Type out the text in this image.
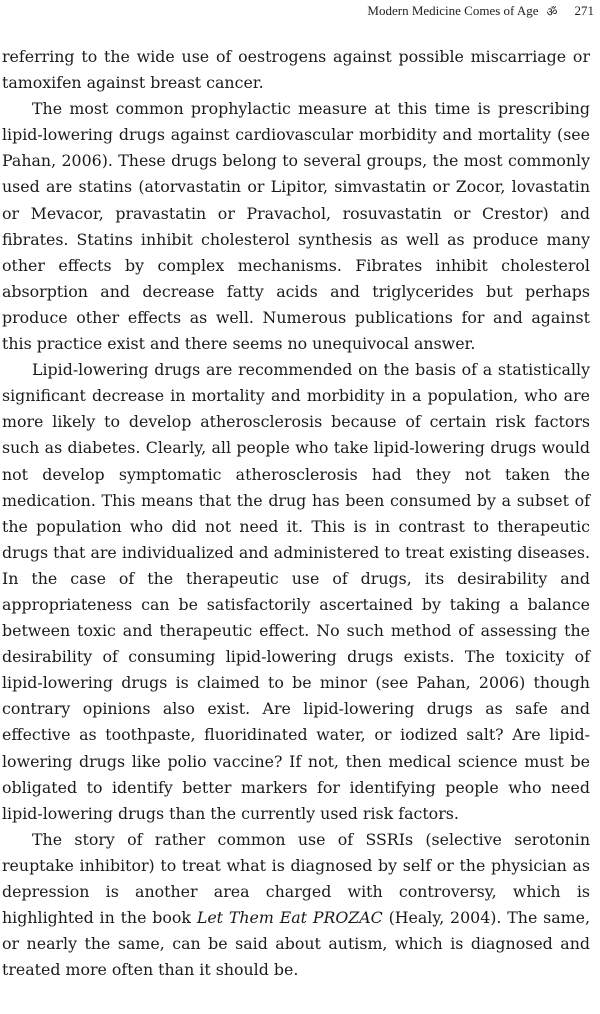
Modern Medicine Comes of Age ॐ 271

referring to the wide use of oestrogens against possible miscarriage or tamoxifen against breast cancer.

The most common prophylactic measure at this time is prescribing lipid-lowering drugs against cardiovascular morbidity and mortality (see Pahan, 2006). These drugs belong to several groups, the most commonly used are statins (atorvastatin or Lipitor, simvastatin or Zocor, lovastatin or Mevacor, pravastatin or Pravachol, rosuvastatin or Crestor) and fibrates. Statins inhibit cholesterol synthesis as well as produce many other effects by complex mechanisms. Fibrates inhibit cholesterol absorption and decrease fatty acids and triglycerides but perhaps produce other effects as well. Numerous publications for and against this practice exist and there seems no unequivocal answer.

Lipid-lowering drugs are recommended on the basis of a statistically significant decrease in mortality and morbidity in a population, who are more likely to develop atherosclerosis because of certain risk factors such as diabetes. Clearly, all people who take lipid-lowering drugs would not develop symptomatic atherosclerosis had they not taken the medication. This means that the drug has been consumed by a subset of the population who did not need it. This is in contrast to therapeutic drugs that are individualized and administered to treat existing diseases. In the case of the therapeutic use of drugs, its desirability and appropriateness can be satisfactorily ascertained by taking a balance between toxic and therapeutic effect. No such method of assessing the desirability of consuming lipid-lowering drugs exists. The toxicity of lipid-lowering drugs is claimed to be minor (see Pahan, 2006) though contrary opinions also exist. Are lipid-lowering drugs as safe and effective as toothpaste, fluoridinated water, or iodized salt? Are lipid-lowering drugs like polio vaccine? If not, then medical science must be obligated to identify better markers for identifying people who need lipid-lowering drugs than the currently used risk factors.

The story of rather common use of SSRIs (selective serotonin reuptake inhibitor) to treat what is diagnosed by self or the physician as depression is another area charged with controversy, which is highlighted in the book Let Them Eat PROZAC (Healy, 2004). The same, or nearly the same, can be said about autism, which is diagnosed and treated more often than it should be.
